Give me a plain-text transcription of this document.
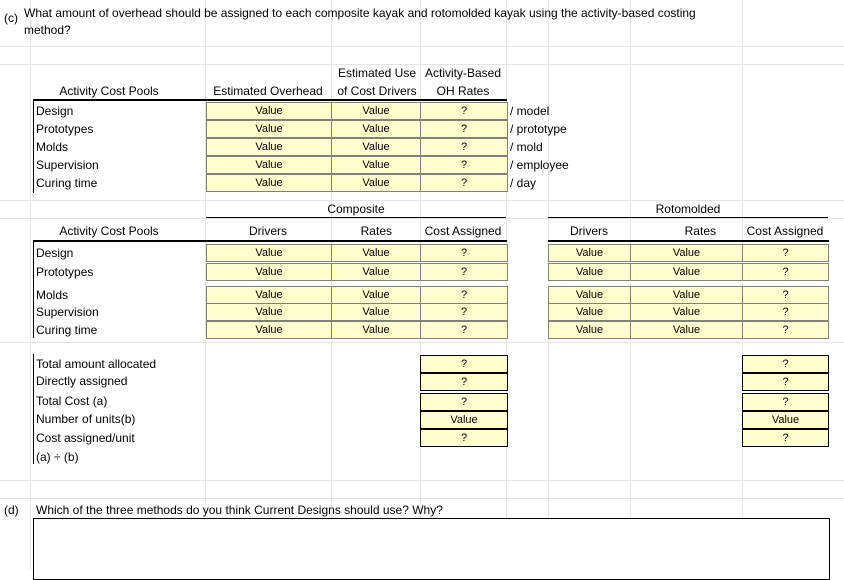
(c) What amount of overhead should be assigned to each composite kayak and rotomolded kayak using the activity-based costing
method?
Activity Cost Pools	Estimated Overhead
Estimated Use
of Cost Drivers
Activity-Based
OH Rates
Design	Value	Value	?	/ model
Prototypes	Value	Value	?	/ prototype
Molds	Value	Value	?	/ mold
Supervision	Value	Value	?	/ employee
Curing time	Value	Value	?	/ day
Composite	Rotomolded
Activity Cost Pools	Drivers	Rates	Cost Assigned	Drivers	Rates	Cost Assigned
Design	Value	Value	?	Value	Value	?
Prototypes	Value	Value	?	Value	Value	?
Molds	Value	Value	?	Value	Value	?
Supervision	Value	Value	?	Value	Value	?
Curing time	Value	Value	?	Value	Value	?
Total amount allocated	?	?
Directly assigned	?	?
Total Cost (a)	?	?
Number of units(b)	Value	Value
Cost assigned/unit	?	?
(a) ÷ (b)
(d) Which of the three methods do you think Current Designs should use? Why?
